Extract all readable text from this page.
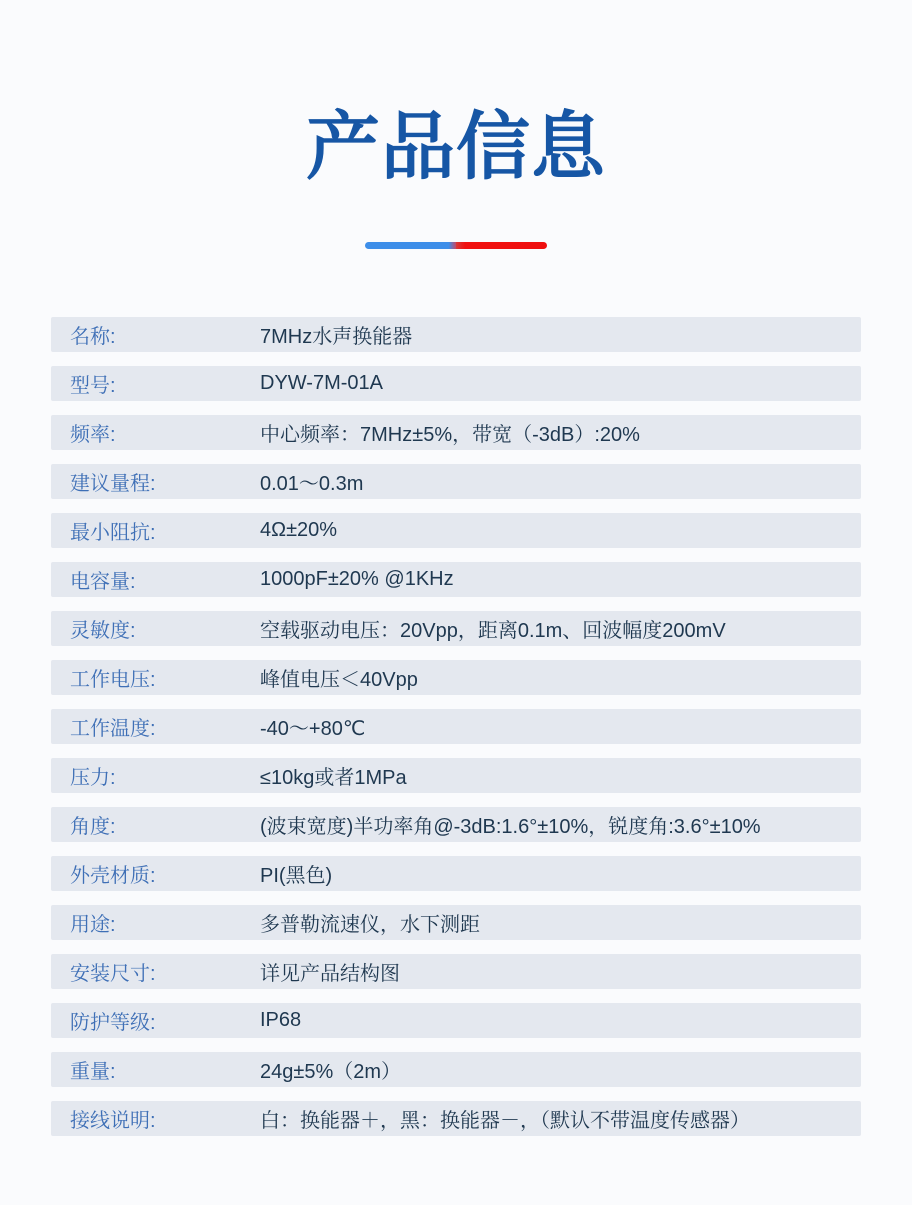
产品信息
名称:	7MHz水声换能器
型号:	DYW-7M-01A
频率:	中心频率：7MHz±5%，带宽（-3dB）:20%
建议量程:	0.01～0.3m
最小阻抗:	4Ω±20%
电容量:	1000pF±20% @1KHz
灵敏度:	空载驱动电压：20Vpp，距离0.1m、回波幅度200mV
工作电压:	峰值电压＜40Vpp
工作温度:	-40～+80℃
压力:	≤10kg或者1MPa
角度:	(波束宽度)半功率角@-3dB:1.6°±10%，锐度角:3.6°±10%
外壳材质:	PI(黑色)
用途:	多普勒流速仪，水下测距
安装尺寸:	详见产品结构图
防护等级:	IP68
重量:	24g±5%（2m）
接线说明:	白：换能器＋，黑：换能器－，（默认不带温度传感器）
